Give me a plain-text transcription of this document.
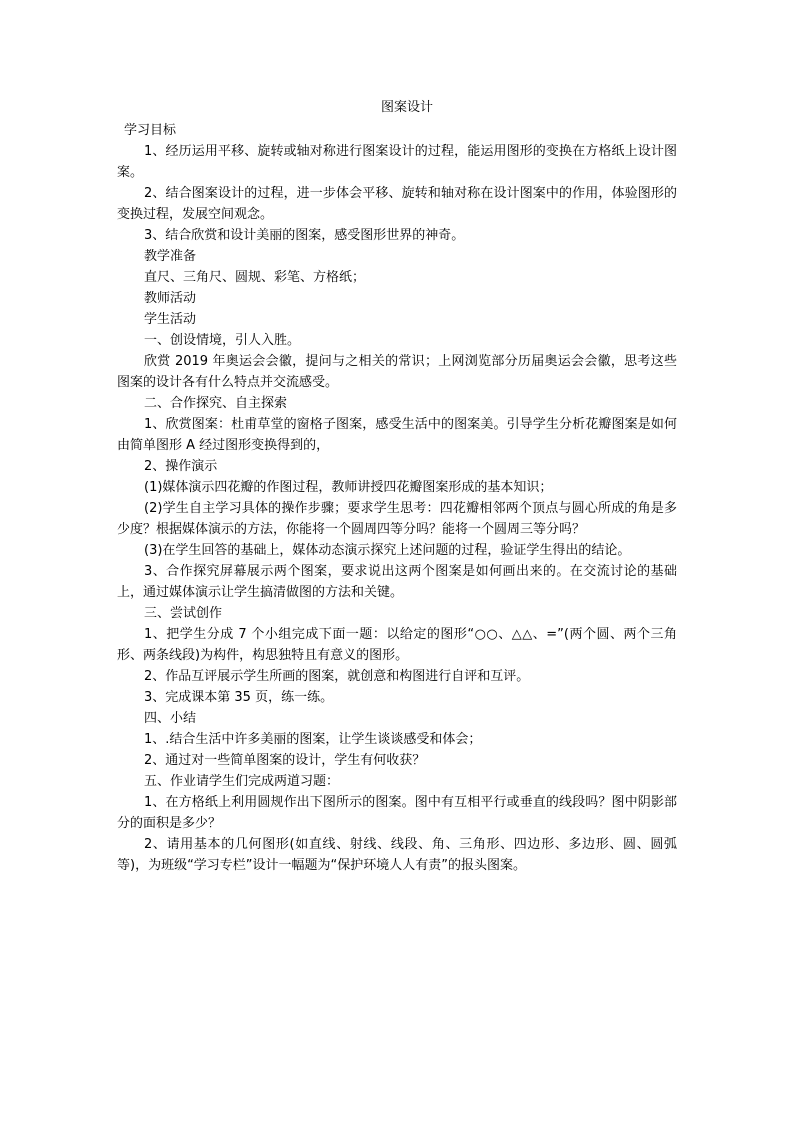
图案设计

学习目标

1、经历运用平移、旋转或轴对称进行图案设计的过程，能运用图形的变换在方格纸上设计图案。

2、结合图案设计的过程，进一步体会平移、旋转和轴对称在设计图案中的作用，体验图形的变换过程，发展空间观念。

3、结合欣赏和设计美丽的图案，感受图形世界的神奇。

教学准备

直尺、三角尺、圆规、彩笔、方格纸；

教师活动

学生活动

一、创设情境，引人入胜。

欣赏 2019 年奥运会会徽，提问与之相关的常识；上网浏览部分历届奥运会会徽，思考这些图案的设计各有什么特点并交流感受。

二、合作探究、自主探索

1、欣赏图案：杜甫草堂的窗格子图案，感受生活中的图案美。引导学生分析花瓣图案是如何由简单图形 A 经过图形变换得到的，

2、操作演示

(1)媒体演示四花瓣的作图过程，教师讲授四花瓣图案形成的基本知识；

(2)学生自主学习具体的操作步骤；要求学生思考：四花瓣相邻两个顶点与圆心所成的角是多少度？根据媒体演示的方法，你能将一个圆周四等分吗？能将一个圆周三等分吗？

(3)在学生回答的基础上，媒体动态演示探究上述问题的过程，验证学生得出的结论。

3、合作探究屏幕展示两个图案，要求说出这两个图案是如何画出来的。在交流讨论的基础上，通过媒体演示让学生搞清做图的方法和关键。

三、尝试创作

1、把学生分成 7 个小组完成下面一题：以给定的图形“○○、△△、=”(两个圆、两个三角形、两条线段)为构件，构思独特且有意义的图形。

2、作品互评展示学生所画的图案，就创意和构图进行自评和互评。

3、完成课本第 35 页，练一练。

四、小结

1、.结合生活中许多美丽的图案，让学生谈谈感受和体会；

2、通过对一些简单图案的设计，学生有何收获？

五、作业请学生们完成两道习题：

1、在方格纸上利用圆规作出下图所示的图案。图中有互相平行或垂直的线段吗？图中阴影部分的面积是多少？

2、请用基本的几何图形(如直线、射线、线段、角、三角形、四边形、多边形、圆、圆弧等)，为班级“学习专栏”设计一幅题为“保护环境人人有责”的报头图案。
